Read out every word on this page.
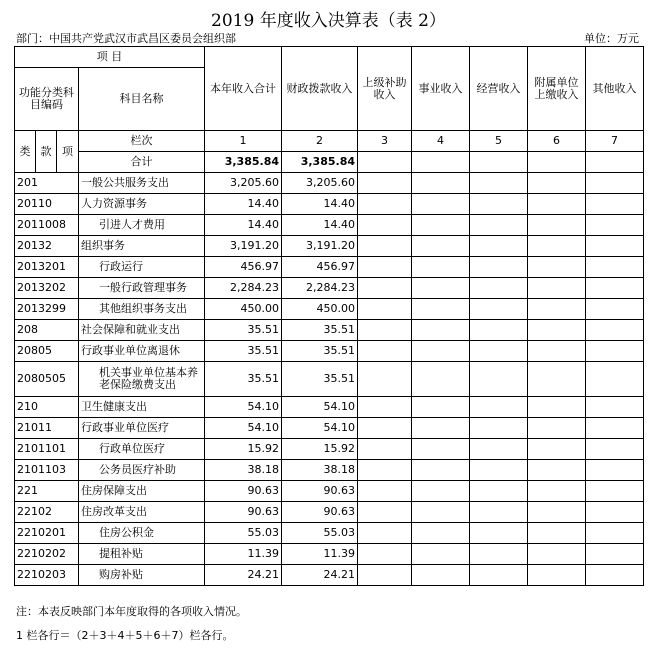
2019 年度收入决算表（表 2）
部门：中国共产党武汉市武昌区委员会组织部	单位：万元
项 目				本年收入合计	财政拨款收入	上级补助收入	事业收入	经营收入	附属单位上缴收入	其他收入
功能分类科目编码			科目名称							

类	款	项	栏次	1	2	3	4	5	6	7
			合计	3,385.84	3,385.84					
201			一般公共服务支出	3,205.60	3,205.60					
20110			人力资源事务	14.40	14.40					
2011008			引进人才费用	14.40	14.40					
20132			组织事务	3,191.20	3,191.20					
2013201			行政运行	456.97	456.97					
2013202			一般行政管理事务	2,284.23	2,284.23					
2013299			其他组织事务支出	450.00	450.00					
208			社会保障和就业支出	35.51	35.51					
20805			行政事业单位离退休	35.51	35.51					
2080505			机关事业单位基本养老保险缴费支出	35.51	35.51					
210			卫生健康支出	54.10	54.10					
21011			行政事业单位医疗	54.10	54.10					
2101101			行政单位医疗	15.92	15.92					
2101103			公务员医疗补助	38.18	38.18					
221			住房保障支出	90.63	90.63					
22102			住房改革支出	90.63	90.63					
2210201			住房公积金	55.03	55.03					
2210202			提租补贴	11.39	11.39					
2210203			购房补贴	24.21	24.21					
注：本表反映部门本年度取得的各项收入情况。
1 栏各行＝（2＋3＋4＋5＋6＋7）栏各行。
